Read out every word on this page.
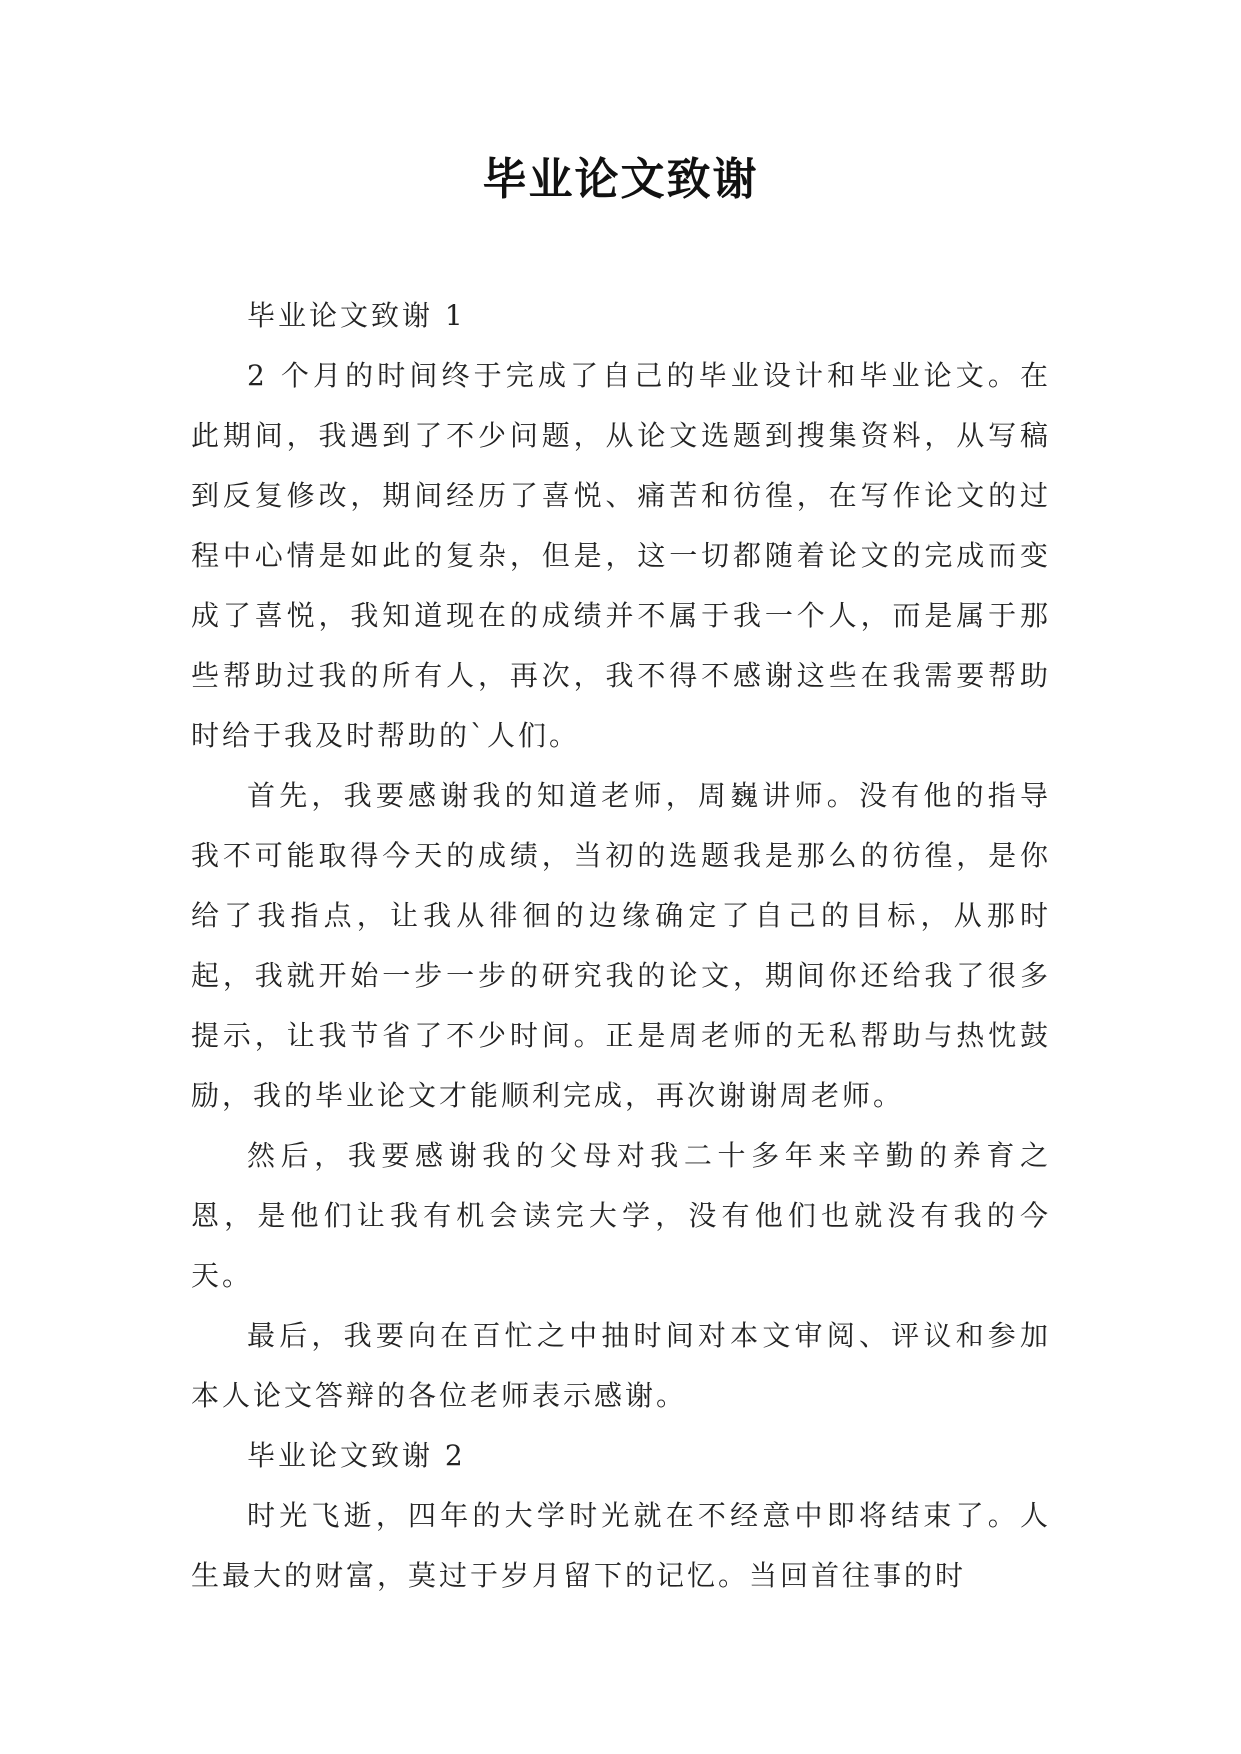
毕业论文致谢

毕业论文致谢 1

2 个月的时间终于完成了自己的毕业设计和毕业论文。在此期间，我遇到了不少问题，从论文选题到搜集资料，从写稿到反复修改，期间经历了喜悦、痛苦和彷徨，在写作论文的过程中心情是如此的复杂，但是，这一切都随着论文的完成而变成了喜悦，我知道现在的成绩并不属于我一个人，而是属于那些帮助过我的所有人，再次，我不得不感谢这些在我需要帮助时给于我及时帮助的`人们。

首先，我要感谢我的知道老师，周巍讲师。没有他的指导我不可能取得今天的成绩，当初的选题我是那么的彷徨，是你给了我指点，让我从徘徊的边缘确定了自己的目标，从那时起，我就开始一步一步的研究我的论文，期间你还给我了很多提示，让我节省了不少时间。正是周老师的无私帮助与热忱鼓励，我的毕业论文才能顺利完成，再次谢谢周老师。

然后，我要感谢我的父母对我二十多年来辛勤的养育之恩，是他们让我有机会读完大学，没有他们也就没有我的今天。

最后，我要向在百忙之中抽时间对本文审阅、评议和参加本人论文答辩的各位老师表示感谢。

毕业论文致谢 2

时光飞逝，四年的大学时光就在不经意中即将结束了。人生最大的财富，莫过于岁月留下的记忆。当回首往事的时
